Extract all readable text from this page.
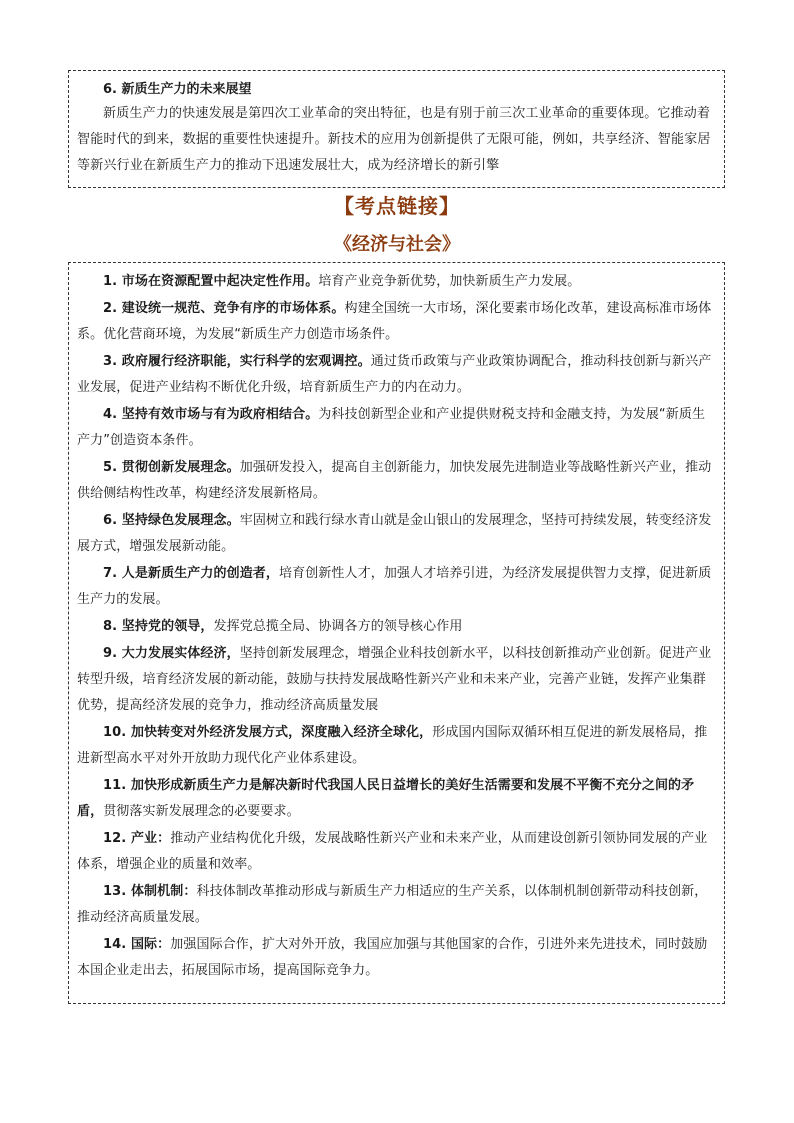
6. 新质生产力的未来展望

新质生产力的快速发展是第四次工业革命的突出特征，也是有别于前三次工业革命的重要体现。它推动着智能时代的到来，数据的重要性快速提升。新技术的应用为创新提供了无限可能，例如，共享经济、智能家居等新兴行业在新质生产力的推动下迅速发展壮大，成为经济增长的新引擎

【考点链接】
《经济与社会》

1. 市场在资源配置中起决定性作用。培育产业竞争新优势，加快新质生产力发展。

2. 建设统一规范、竞争有序的市场体系。构建全国统一大市场，深化要素市场化改革，建设高标准市场体系。优化营商环境，为发展“新质生产力创造市场条件。

3. 政府履行经济职能，实行科学的宏观调控。通过货币政策与产业政策协调配合，推动科技创新与新兴产业发展，促进产业结构不断优化升级，培育新质生产力的内在动力。

4. 坚持有效市场与有为政府相结合。为科技创新型企业和产业提供财税支持和金融支持，为发展“新质生产力”创造资本条件。

5. 贯彻创新发展理念。加强研发投入，提高自主创新能力，加快发展先进制造业等战略性新兴产业，推动供给侧结构性改革，构建经济发展新格局。

6. 坚持绿色发展理念。牢固树立和践行绿水青山就是金山银山的发展理念，坚持可持续发展，转变经济发展方式，增强发展新动能。

7. 人是新质生产力的创造者，培育创新性人才，加强人才培养引进，为经济发展提供智力支撑，促进新质生产力的发展。

8. 坚持党的领导，发挥党总揽全局、协调各方的领导核心作用

9. 大力发展实体经济，坚持创新发展理念，增强企业科技创新水平，以科技创新推动产业创新。促进产业转型升级，培育经济发展的新动能，鼓励与扶持发展战略性新兴产业和未来产业，完善产业链，发挥产业集群优势，提高经济发展的竞争力，推动经济高质量发展

10. 加快转变对外经济发展方式，深度融入经济全球化，形成国内国际双循环相互促进的新发展格局，推进新型高水平对外开放助力现代化产业体系建设。

11. 加快形成新质生产力是解决新时代我国人民日益增长的美好生活需要和发展不平衡不充分之间的矛盾，贯彻落实新发展理念的必要要求。

12. 产业：推动产业结构优化升级，发展战略性新兴产业和未来产业，从而建设创新引领协同发展的产业体系，增强企业的质量和效率。

13. 体制机制：科技体制改革推动形成与新质生产力相适应的生产关系，以体制机制创新带动科技创新，推动经济高质量发展。

14. 国际：加强国际合作，扩大对外开放，我国应加强与其他国家的合作，引进外来先进技术，同时鼓励本国企业走出去，拓展国际市场，提高国际竞争力。
